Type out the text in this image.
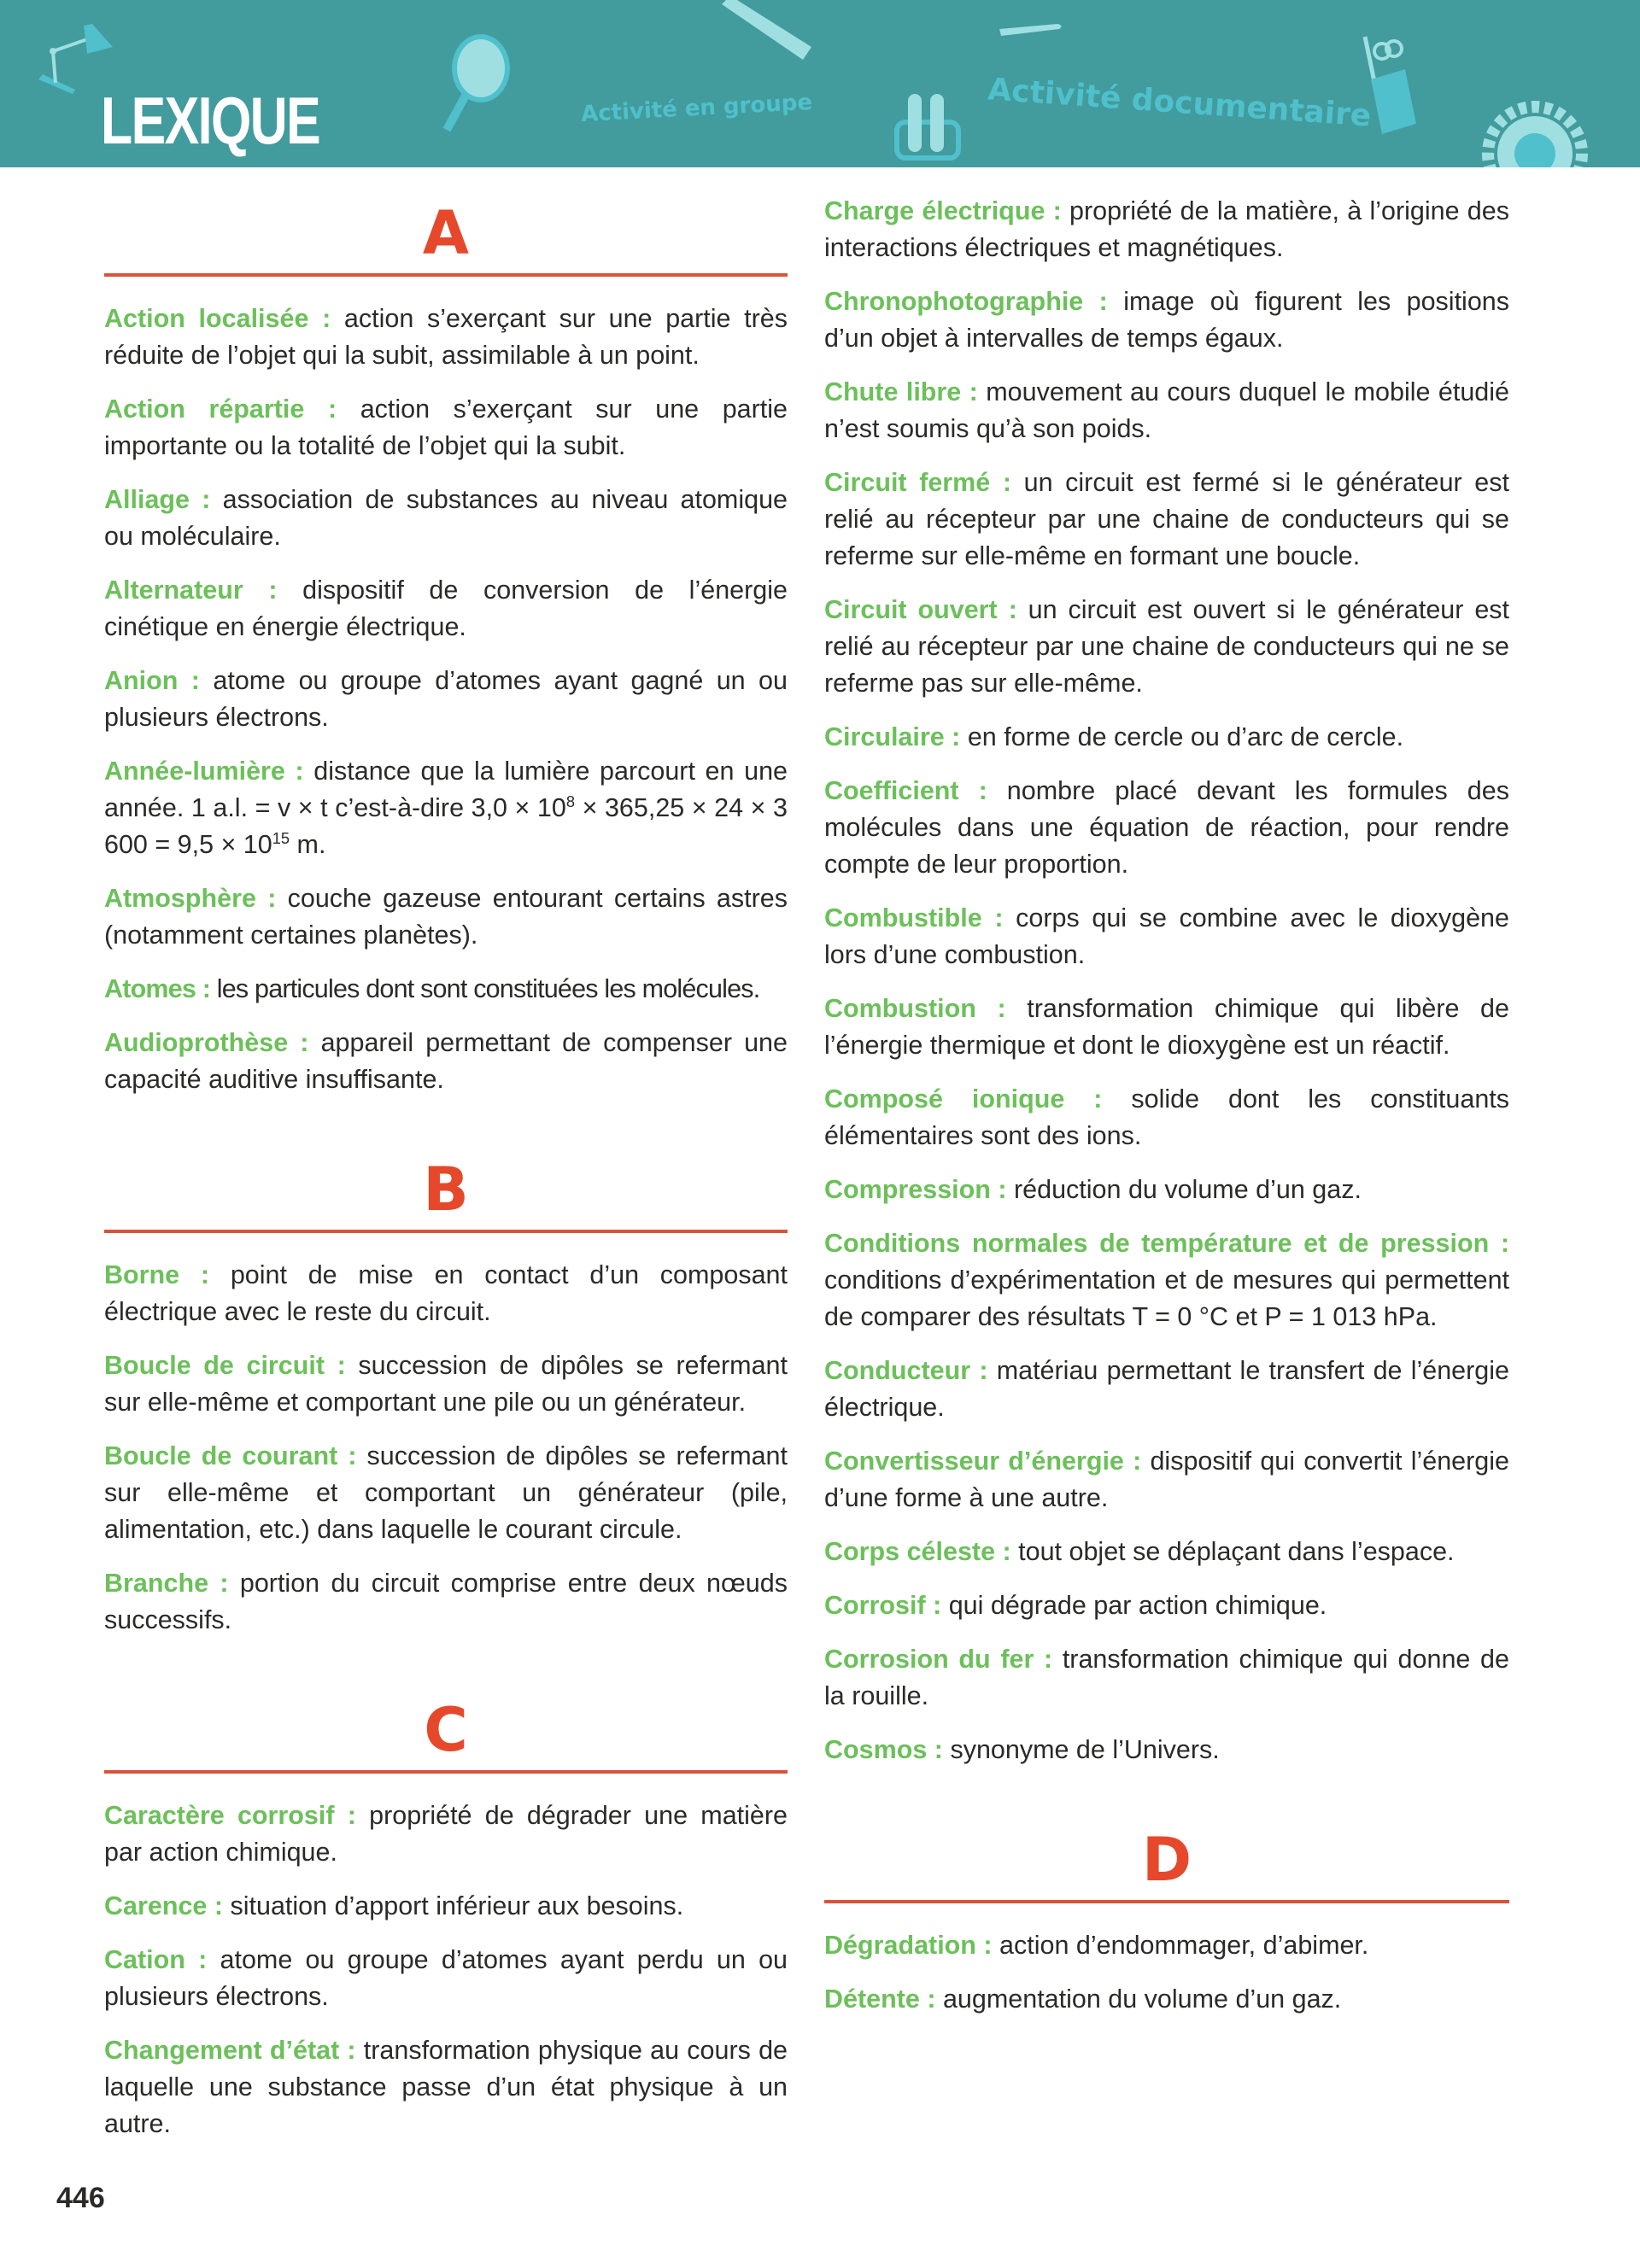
LEXIQUE	Activité en groupe	Activité documentaire
A

Action localisée : action s’exerçant sur une partie très réduite de l’objet qui la subit, assimilable à un point.

Action répartie : action s’exerçant sur une partie importante ou la totalité de l’objet qui la subit.

Alliage : association de substances au niveau atomique ou moléculaire.

Alternateur : dispositif de conversion de l’énergie cinétique en énergie électrique.

Anion : atome ou groupe d’atomes ayant gagné un ou plusieurs électrons.

Année-lumière : distance que la lumière parcourt en une année. 1 a.l. = v × t c’est-à-dire $3,0 \times 10^8 \times 365,25 \times 24 \times 3$ $600 = 9,5 \times 10^{15}$ m.

Atmosphère : couche gazeuse entourant certains astres (notamment certaines planètes).

Atomes : les particules dont sont constituées les molécules.

Audioprothèse : appareil permettant de compenser une capacité auditive insuffisante.

B

Borne : point de mise en contact d’un composant électrique avec le reste du circuit.

Boucle de circuit : succession de dipôles se refermant sur elle-même et comportant une pile ou un générateur.

Boucle de courant : succession de dipôles se refermant sur elle-même et comportant un générateur (pile, alimentation, etc.) dans laquelle le courant circule.

Branche : portion du circuit comprise entre deux nœuds successifs.

C

Caractère corrosif : propriété de dégrader une matière par action chimique.

Carence : situation d’apport inférieur aux besoins.

Cation : atome ou groupe d’atomes ayant perdu un ou plusieurs électrons.

Changement d’état : transformation physique au cours de laquelle une substance passe d’un état physique à un autre.

Charge électrique : propriété de la matière, à l’origine des interactions électriques et magnétiques.

Chronophotographie : image où figurent les positions d’un objet à intervalles de temps égaux.

Chute libre : mouvement au cours duquel le mobile étudié n’est soumis qu’à son poids.

Circuit fermé : un circuit est fermé si le générateur est relié au récepteur par une chaine de conducteurs qui se referme sur elle-même en formant une boucle.

Circuit ouvert : un circuit est ouvert si le générateur est relié au récepteur par une chaine de conducteurs qui ne se referme pas sur elle-même.

Circulaire : en forme de cercle ou d’arc de cercle.

Coefficient : nombre placé devant les formules des molécules dans une équation de réaction, pour rendre compte de leur proportion.

Combustible : corps qui se combine avec le dioxygène lors d’une combustion.

Combustion : transformation chimique qui libère de l’énergie thermique et dont le dioxygène est un réactif.

Composé ionique : solide dont les constituants élémentaires sont des ions.

Compression : réduction du volume d’un gaz.

Conditions normales de température et de pression : conditions d’expérimentation et de mesures qui permettent de comparer des résultats T = 0 °C et P = 1 013 hPa.

Conducteur : matériau permettant le transfert de l’énergie électrique.

Convertisseur d’énergie : dispositif qui convertit l’énergie d’une forme à une autre.

Corps céleste : tout objet se déplaçant dans l’espace.

Corrosif : qui dégrade par action chimique.

Corrosion du fer : transformation chimique qui donne de la rouille.

Cosmos : synonyme de l’Univers.

D

Dégradation : action d’endommager, d’abimer.

Détente : augmentation du volume d’un gaz.

446
